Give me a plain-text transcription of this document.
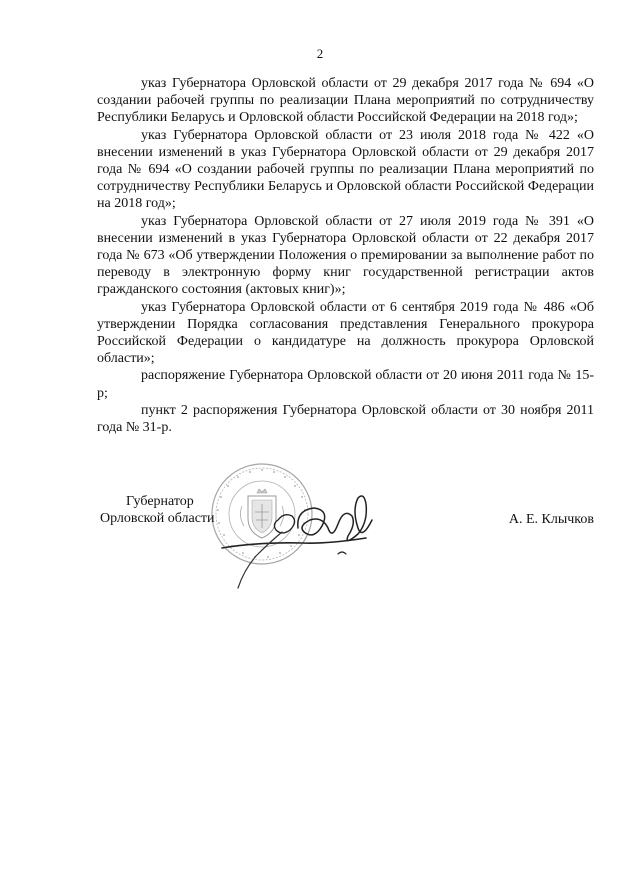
2

указ Губернатора Орловской области от 29 декабря 2017 года № 694 «О создании рабочей группы по реализации Плана мероприятий по сотрудничеству Республики Беларусь и Орловской области Российской Федерации на 2018 год»;

указ Губернатора Орловской области от 23 июля 2018 года № 422 «О внесении изменений в указ Губернатора Орловской области от 29 декабря 2017 года № 694 «О создании рабочей группы по реализации Плана мероприятий по сотрудничеству Республики Беларусь и Орловской области Российской Федерации на 2018 год»;

указ Губернатора Орловской области от 27 июля 2019 года № 391 «О внесении изменений в указ Губернатора Орловской области от 22 декабря 2017 года № 673 «Об утверждении Положения о премировании за выполнение работ по переводу в электронную форму книг государственной регистрации актов гражданского состояния (актовых книг)»;

указ Губернатора Орловской области от 6 сентября 2019 года № 486 «Об утверждении Порядка согласования представления Генерального прокурора Российской Федерации о кандидатуре на должность прокурора Орловской области»;

распоряжение Губернатора Орловской области от 20 июня 2011 года № 15-р;

пункт 2 распоряжения Губернатора Орловской области от 30 ноября 2011 года № 31-р.

Губернатор
Орловской области	А. Е. Клычков
